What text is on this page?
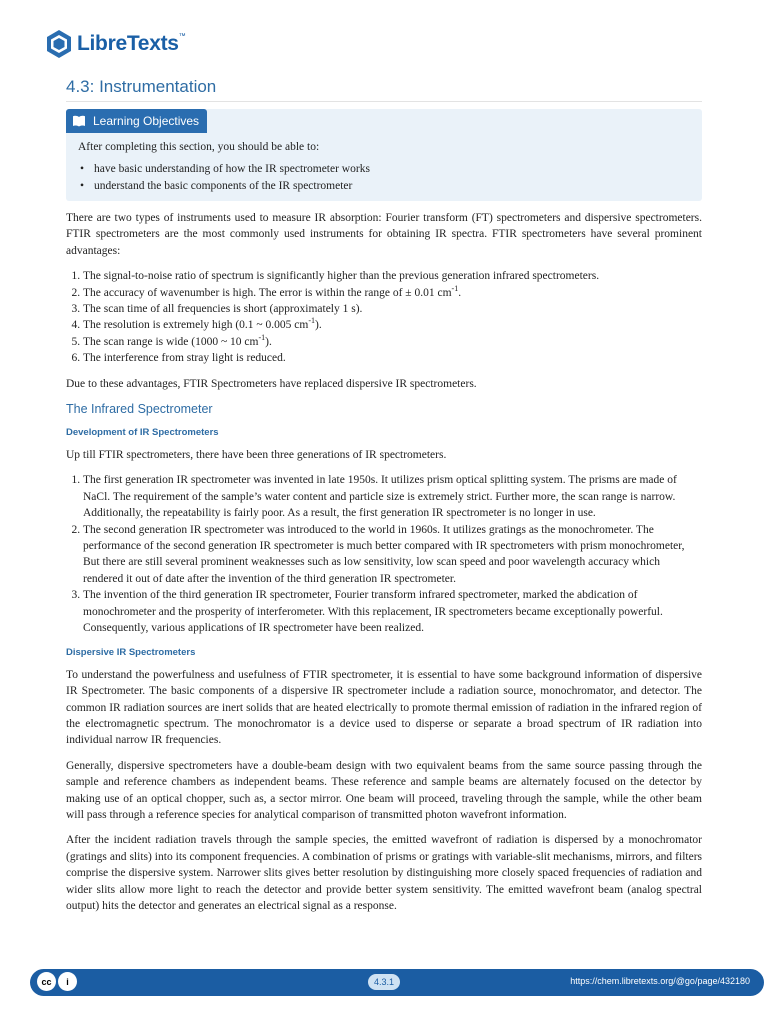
LibreTexts ™
4.3: Instrumentation
Learning Objectives
After completing this section, you should be able to:
• have basic understanding of how the IR spectrometer works
• understand the basic components of the IR spectrometer

There are two types of instruments used to measure IR absorption: Fourier transform (FT) spectrometers and dispersive spectrometers. FTIR spectrometers are the most commonly used instruments for obtaining IR spectra. FTIR spectrometers have several prominent advantages:

1. The signal-to-noise ratio of spectrum is significantly higher than the previous generation infrared spectrometers.
2. The accuracy of wavenumber is high. The error is within the range of ± 0.01 $cm^{-1}$.
3. The scan time of all frequencies is short (approximately 1 s).
4. The resolution is extremely high (0.1 ~ 0.005 $cm^{-1}$).
5. The scan range is wide (1000 ~ 10 $cm^{-1}$).
6. The interference from stray light is reduced.

Due to these advantages, FTIR Spectrometers have replaced dispersive IR spectrometers.

The Infrared Spectrometer
Development of IR Spectrometers

Up till FTIR spectrometers, there have been three generations of IR spectrometers.

1. The first generation IR spectrometer was invented in late 1950s. It utilizes prism optical splitting system. The prisms are made of NaCl. The requirement of the sample’s water content and particle size is extremely strict. Further more, the scan range is narrow. Additionally, the repeatability is fairly poor. As a result, the first generation IR spectrometer is no longer in use.
2. The second generation IR spectrometer was introduced to the world in 1960s. It utilizes gratings as the monochrometer. The performance of the second generation IR spectrometer is much better compared with IR spectrometers with prism monochrometer, But there are still several prominent weaknesses such as low sensitivity, low scan speed and poor wavelength accuracy which rendered it out of date after the invention of the third generation IR spectrometer.
3. The invention of the third generation IR spectrometer, Fourier transform infrared spectrometer, marked the abdication of monochrometer and the prosperity of interferometer. With this replacement, IR spectrometers became exceptionally powerful. Consequently, various applications of IR spectrometer have been realized.
Dispersive IR Spectrometers

To understand the powerfulness and usefulness of FTIR spectrometer, it is essential to have some background information of dispersive IR Spectrometer. The basic components of a dispersive IR spectrometer include a radiation source, monochromator, and detector. The common IR radiation sources are inert solids that are heated electrically to promote thermal emission of radiation in the infrared region of the electromagnetic spectrum. The monochromator is a device used to disperse or separate a broad spectrum of IR radiation into individual narrow IR frequencies.

Generally, dispersive spectrometers have a double-beam design with two equivalent beams from the same source passing through the sample and reference chambers as independent beams. These reference and sample beams are alternately focused on the detector by making use of an optical chopper, such as, a sector mirror. One beam will proceed, traveling through the sample, while the other beam will pass through a reference species for analytical comparison of transmitted photon wavefront information.

After the incident radiation travels through the sample species, the emitted wavefront of radiation is dispersed by a monochromator (gratings and slits) into its component frequencies. A combination of prisms or gratings with variable-slit mechanisms, mirrors, and filters comprise the dispersive system. Narrower slits gives better resolution by distinguishing more closely spaced frequencies of radiation and wider slits allow more light to reach the detector and provide better system sensitivity. The emitted wavefront beam (analog spectral output) hits the detector and generates an electrical signal as a response.

cc	i	4.3.1	https://chem.libretexts.org/@go/page/432180
